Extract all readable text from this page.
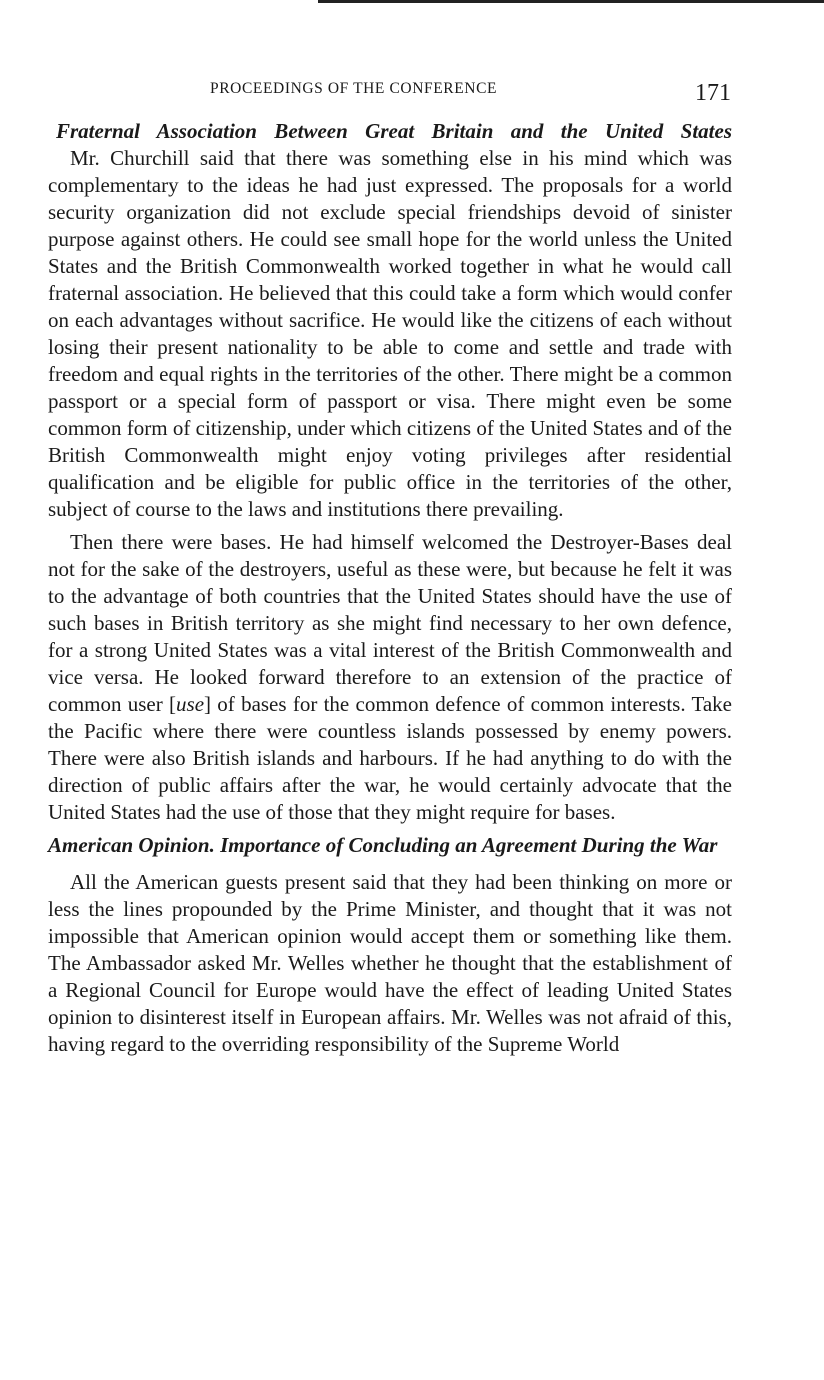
PROCEEDINGS OF THE CONFERENCE	171
Fraternal Association Between Great Britain and the United States

Mr. Churchill said that there was something else in his mind which was complementary to the ideas he had just expressed. The proposals for a world security organization did not exclude special friendships devoid of sinister purpose against others. He could see small hope for the world unless the United States and the British Commonwealth worked together in what he would call fraternal association. He believed that this could take a form which would confer on each advantages without sacrifice. He would like the citizens of each without losing their present nationality to be able to come and settle and trade with freedom and equal rights in the territories of the other. There might be a common passport or a special form of passport or visa. There might even be some common form of citizenship, under which citizens of the United States and of the British Commonwealth might enjoy voting privileges after residential qualification and be eligible for public office in the territories of the other, subject of course to the laws and institutions there prevailing.

Then there were bases. He had himself welcomed the Destroyer-Bases deal not for the sake of the destroyers, useful as these were, but because he felt it was to the advantage of both countries that the United States should have the use of such bases in British territory as she might find necessary to her own defence, for a strong United States was a vital interest of the British Commonwealth and vice versa. He looked forward therefore to an extension of the practice of common user [use] of bases for the common defence of common interests. Take the Pacific where there were countless islands possessed by enemy powers. There were also British islands and harbours. If he had anything to do with the direction of public affairs after the war, he would certainly advocate that the United States had the use of those that they might require for bases.

American Opinion. Importance of Concluding an Agreement During the War

All the American guests present said that they had been thinking on more or less the lines propounded by the Prime Minister, and thought that it was not impossible that American opinion would accept them or something like them. The Ambassador asked Mr. Welles whether he thought that the establishment of a Regional Council for Europe would have the effect of leading United States opinion to disinterest itself in European affairs. Mr. Welles was not afraid of this, having regard to the overriding responsibility of the Supreme World
